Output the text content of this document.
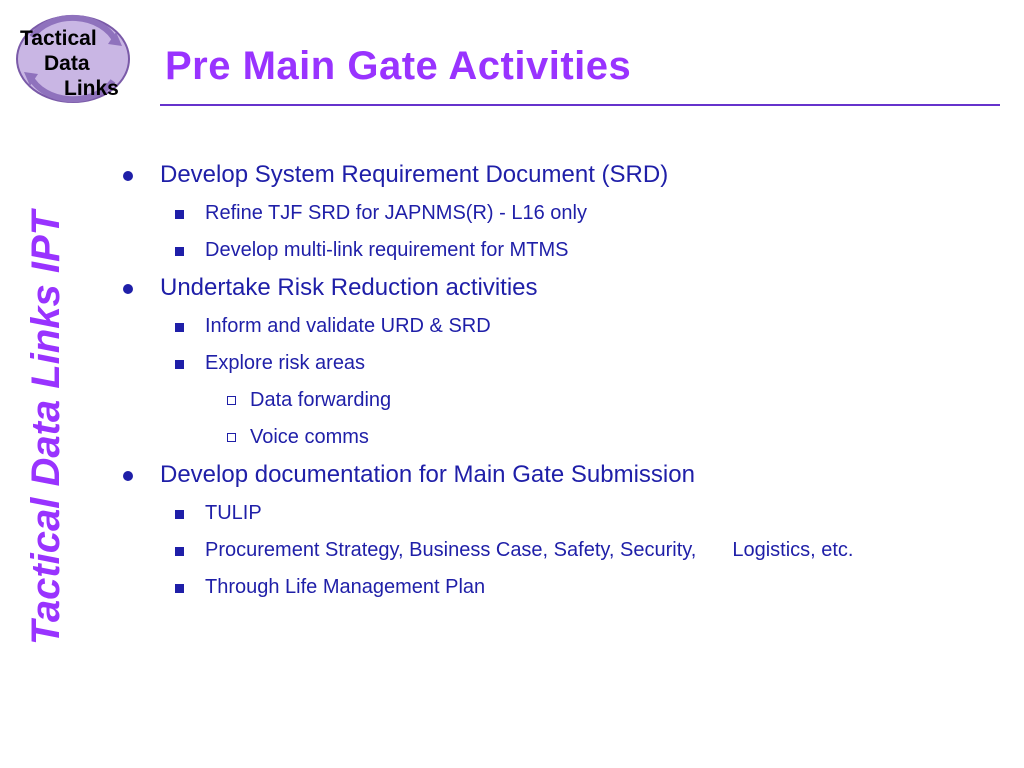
Tactical
Data
Links
Pre Main Gate Activities
Tactical Data Links IPT
Develop System Requirement Document (SRD)
Refine TJF SRD for JAPNMS(R) - L16 only
Develop multi-link requirement for MTMS
Undertake Risk Reduction activities
Inform and validate URD & SRD
Explore risk areas
Data forwarding
Voice comms
Develop documentation for Main Gate Submission
TULIP
Procurement Strategy, Business Case, Safety, Security, Logistics, etc.
Through Life Management Plan
